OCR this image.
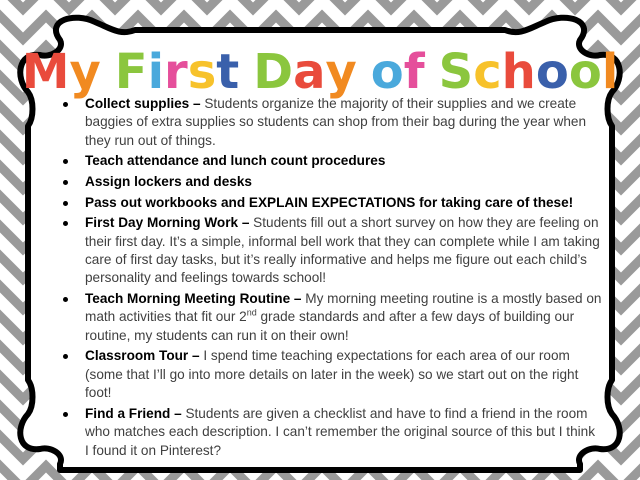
My First Day of School
Collect supplies – Students organize the majority of their supplies and we create baggies of extra supplies so students can shop from their bag during the year when they run out of things.
Teach attendance and lunch count procedures
Assign lockers and desks
Pass out workbooks and EXPLAIN EXPECTATIONS for taking care of these!
First Day Morning Work – Students fill out a short survey on how they are feeling on their first day. It’s a simple, informal bell work that they can complete while I am taking care of first day tasks, but it’s really informative and helps me figure out each child’s personality and feelings towards school!
Teach Morning Meeting Routine – My morning meeting routine is a mostly based on math activities that fit our 2nd grade standards and after a few days of building our routine, my students can run it on their own!
Classroom Tour – I spend time teaching expectations for each area of our room (some that I’ll go into more details on later in the week) so we start out on the right foot!
Find a Friend – Students are given a checklist and have to find a friend in the room who matches each description. I can’t remember the original source of this but I think I found it on Pinterest?
